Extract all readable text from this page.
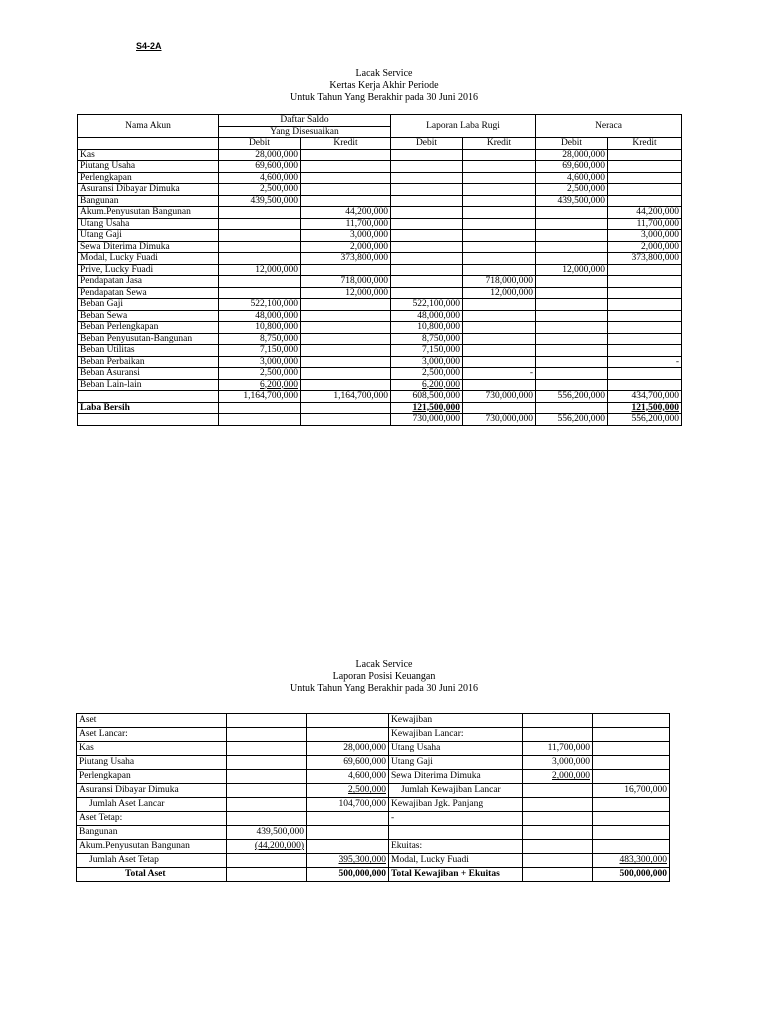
S4-2A
Lacak Service
Kertas Kerja Akhir Periode
Untuk Tahun Yang Berakhir pada 30 Juni 2016
Nama Akun	Daftar Saldo		Laporan Laba Rugi		Neraca	
	Yang Disesuaikan					
	Debit	Kredit	Debit	Kredit	Debit	Kredit
Kas	28,000,000				28,000,000	
Piutang Usaha	69,600,000				69,600,000	
Perlengkapan	4,600,000				4,600,000	
Asuransi Dibayar Dimuka	2,500,000				2,500,000	
Bangunan	439,500,000				439,500,000	
Akum.Penyusutan Bangunan		44,200,000				44,200,000
Utang Usaha		11,700,000				11,700,000
Utang Gaji		3,000,000				3,000,000
Sewa Diterima Dimuka		2,000,000				2,000,000
Modal, Lucky Fuadi		373,800,000				373,800,000
Prive, Lucky Fuadi	12,000,000				12,000,000	
Pendapatan Jasa		718,000,000		718,000,000		
Pendapatan Sewa		12,000,000		12,000,000		
Beban Gaji	522,100,000		522,100,000			
Beban Sewa	48,000,000		48,000,000			
Beban Perlengkapan	10,800,000		10,800,000			
Beban Penyusutan-Bangunan	8,750,000		8,750,000			
Beban Utilitas	7,150,000		7,150,000			
Beban Perbaikan	3,000,000		3,000,000			-
Beban Asuransi	2,500,000		2,500,000	-		
Beban Lain-lain	6,200,000		6,200,000			
	1,164,700,000	1,164,700,000	608,500,000	730,000,000	556,200,000	434,700,000
Laba Bersih			121,500,000			121,500,000
			730,000,000	730,000,000	556,200,000	556,200,000
Lacak Service
Laporan Posisi Keuangan
Untuk Tahun Yang Berakhir pada 30 Juni 2016
Aset			Kewajiban		
Aset Lancar:			Kewajiban Lancar:		
Kas		28,000,000	Utang Usaha	11,700,000	
Piutang Usaha		69,600,000	Utang Gaji	3,000,000	
Perlengkapan		4,600,000	Sewa Diterima Dimuka	2,000,000	
Asuransi Dibayar Dimuka		2,500,000	Jumlah Kewajiban Lancar		16,700,000
Jumlah Aset Lancar		104,700,000	Kewajiban Jgk. Panjang		
Aset Tetap:			-		
Bangunan	439,500,000				
Akum.Penyusutan Bangunan	(44,200,000)		Ekuitas:		
Jumlah Aset Tetap		395,300,000	Modal, Lucky Fuadi		483,300,000
Total Aset		500,000,000	Total Kewajiban + Ekuitas		500,000,000
